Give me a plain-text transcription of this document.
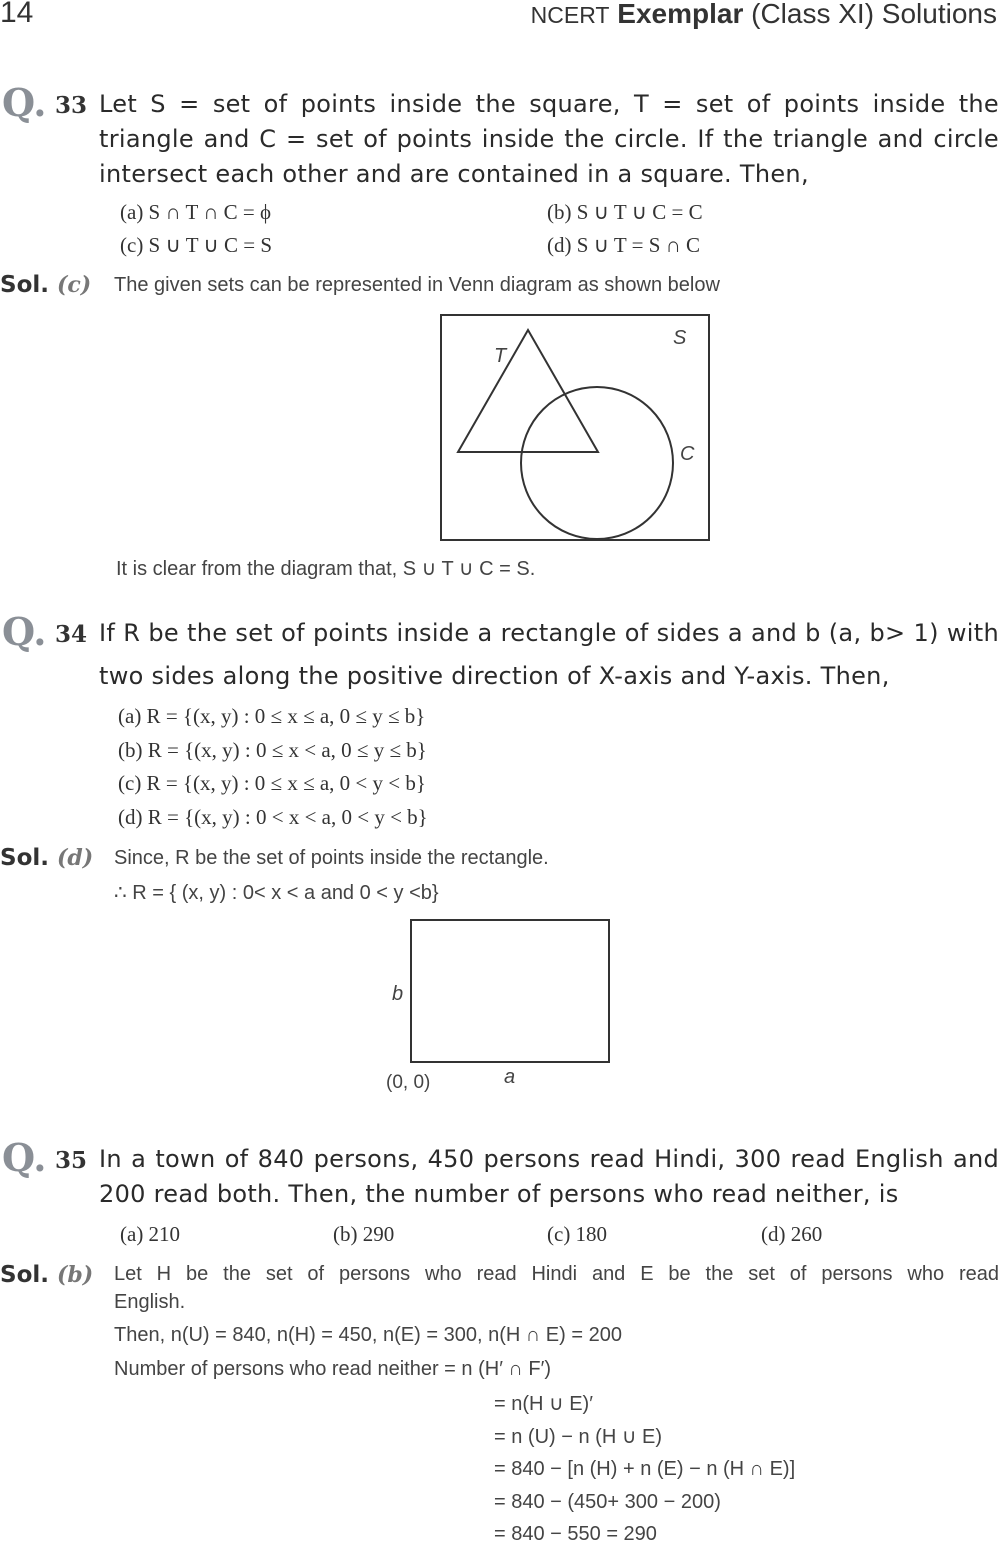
14	NCERT Exemplar (Class XI) Solutions
Q. 33 Let S = set of points inside the square, T = set of points inside the
triangle and C = set of points inside the circle. If the triangle and circle
intersect each other and are contained in a square. Then,
(a) S ∩ T ∩ C = ϕ	(b) S ∪ T ∪ C = C
(c) S ∪ T ∪ C = S	(d) S ∪ T = S ∩ C
Sol. (c) The given sets can be represented in Venn diagram as shown below
S
T
C
It is clear from the diagram that, S ∪ T ∪ C = S.
Q. 34 If R be the set of points inside a rectangle of sides a and b (a, b> 1) with
two sides along the positive direction of X-axis and Y-axis. Then,
(a) R = {(x, y) : 0 ≤ x ≤ a, 0 ≤ y ≤ b}
(b) R = {(x, y) : 0 ≤ x < a, 0 ≤ y ≤ b}
(c) R = {(x, y) : 0 ≤ x ≤ a, 0 < y < b}
(d) R = {(x, y) : 0 < x < a, 0 < y < b}
Sol. (d) Since, R be the set of points inside the rectangle.
∴ R = { (x, y) : 0< x < a and 0 < y <b}
b
a
(0, 0)
Q. 35 In a town of 840 persons, 450 persons read Hindi, 300 read English and
200 read both. Then, the number of persons who read neither, is
(a) 210	(b) 290	(c) 180	(d) 260
Sol. (b) Let H be the set of persons who read Hindi and E be the set of persons who read
English.
Then, n(U) = 840, n(H) = 450, n(E) = 300, n(H ∩ E) = 200
Number of persons who read neither = n (H′ ∩ F′)
= n(H ∪ E)′
= n (U) − n (H ∪ E)
= 840 − [n (H) + n (E) − n (H ∩ E)]
= 840 − (450+ 300 − 200)
= 840 − 550 = 290
